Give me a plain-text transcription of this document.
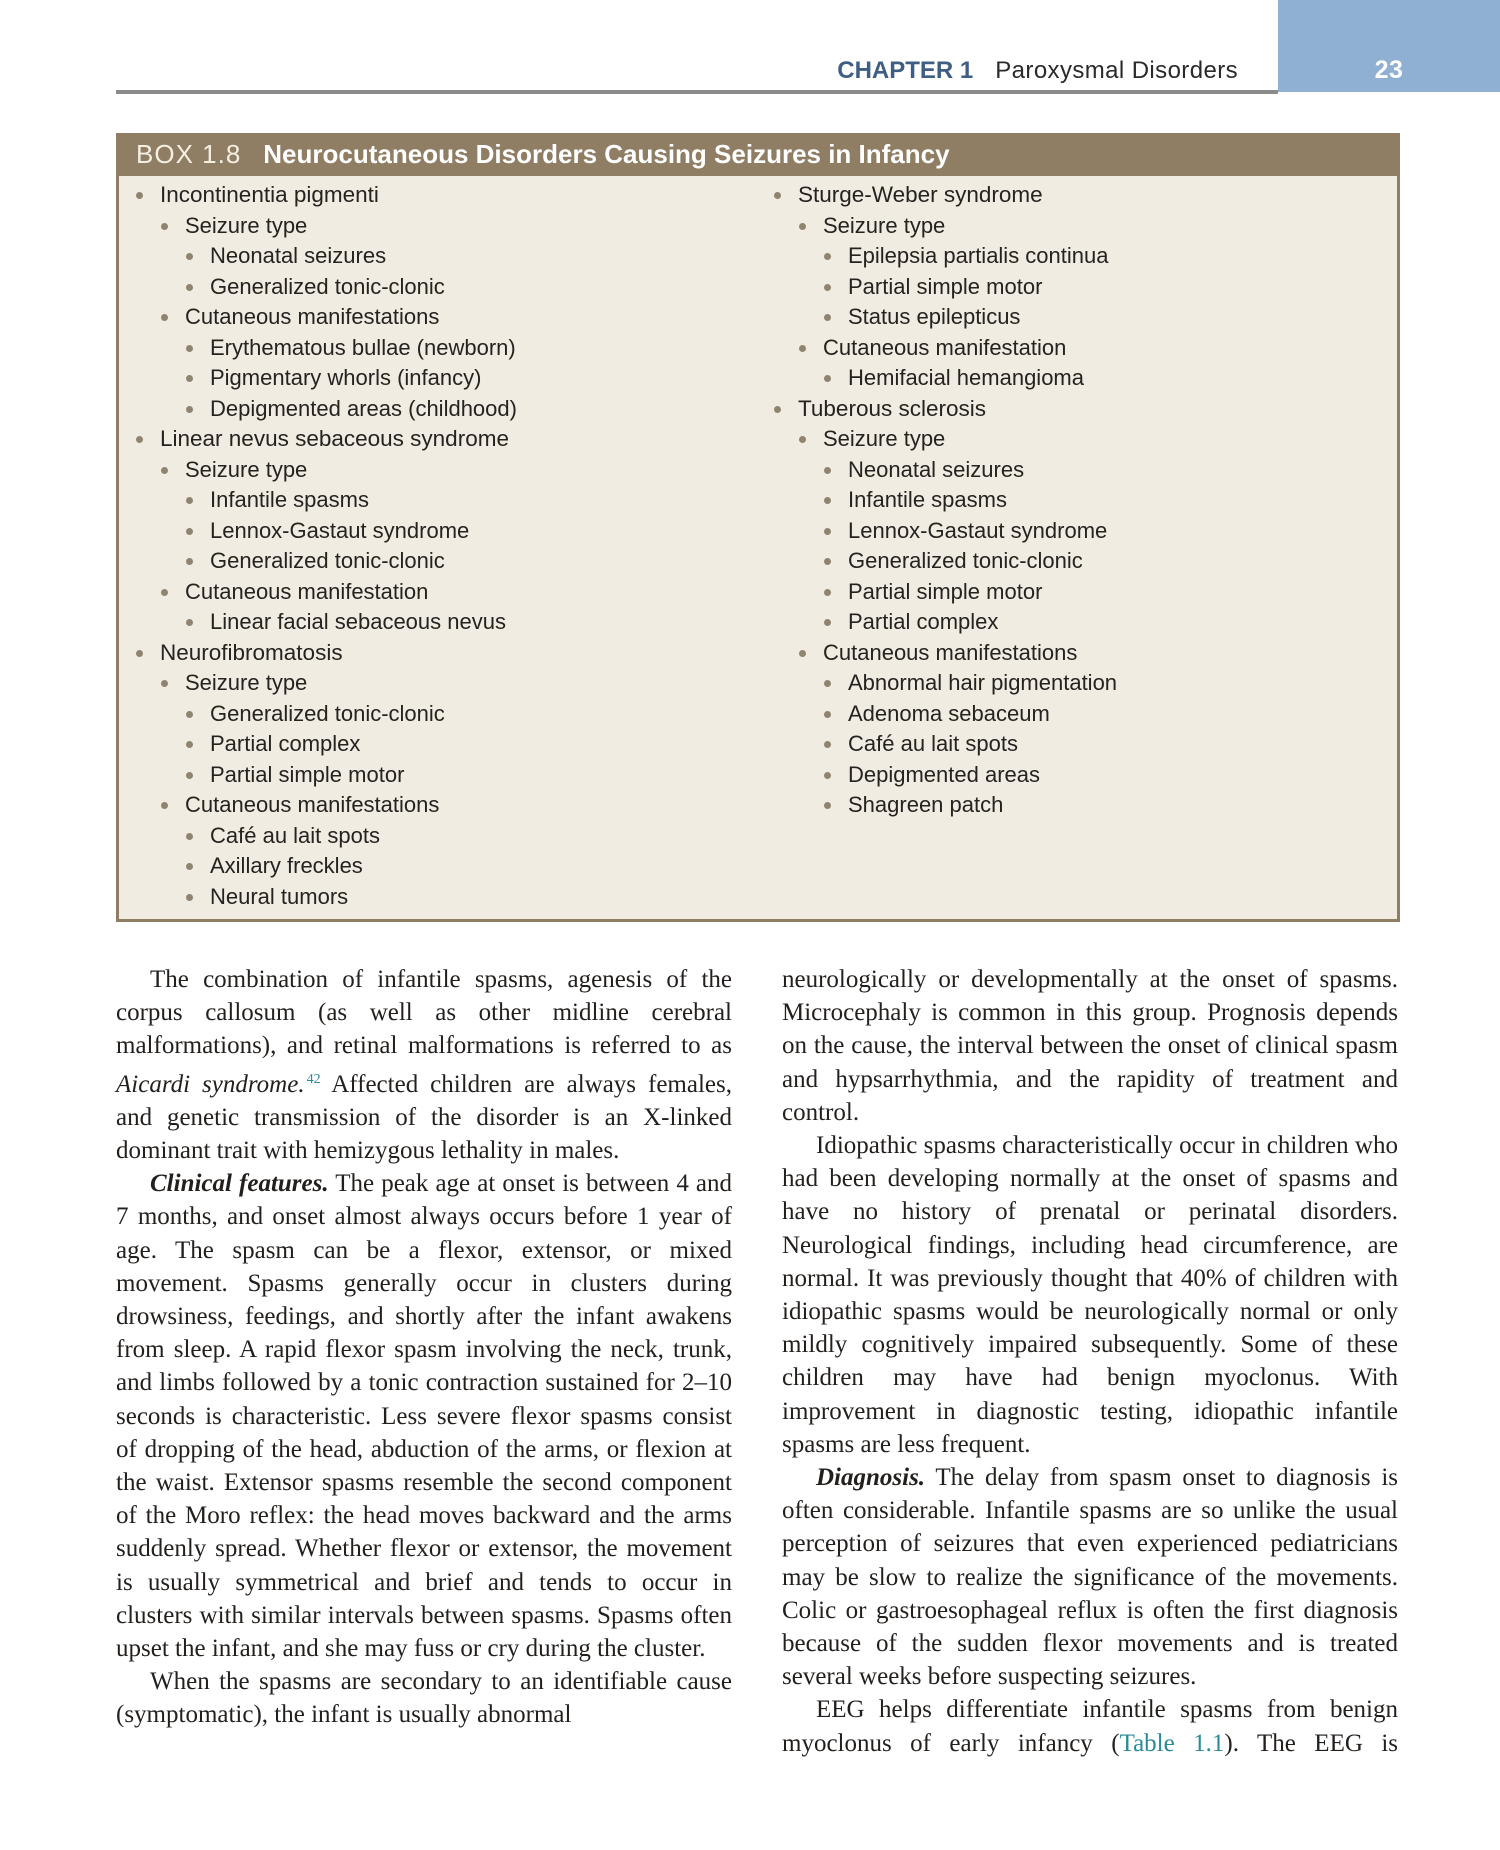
23
CHAPTER 1 Paroxysmal Disorders
BOX 1.8 Neurocutaneous Disorders Causing Seizures in Infancy
Incontinentia pigmenti
Seizure type
Neonatal seizures
Generalized tonic-clonic
Cutaneous manifestations
Erythematous bullae (newborn)
Pigmentary whorls (infancy)
Depigmented areas (childhood)
Linear nevus sebaceous syndrome
Seizure type
Infantile spasms
Lennox-Gastaut syndrome
Generalized tonic-clonic
Cutaneous manifestation
Linear facial sebaceous nevus
Neurofibromatosis
Seizure type
Generalized tonic-clonic
Partial complex
Partial simple motor
Cutaneous manifestations
Café au lait spots
Axillary freckles
Neural tumors
Sturge-Weber syndrome
Seizure type
Epilepsia partialis continua
Partial simple motor
Status epilepticus
Cutaneous manifestation
Hemifacial hemangioma
Tuberous sclerosis
Seizure type
Neonatal seizures
Infantile spasms
Lennox-Gastaut syndrome
Generalized tonic-clonic
Partial simple motor
Partial complex
Cutaneous manifestations
Abnormal hair pigmentation
Adenoma sebaceum
Café au lait spots
Depigmented areas
Shagreen patch

The combination of infantile spasms, agenesis of the corpus callosum (as well as other midline cerebral malformations), and retinal malformations is referred to as Aicardi syndrome. $^{42}$ Affected children are always females, and genetic transmission of the disorder is an X-linked dominant trait with hemizygous lethality in males.

Clinical features. The peak age at onset is between 4 and 7 months, and onset almost always occurs before 1 year of age. The spasm can be a flexor, extensor, or mixed movement. Spasms generally occur in clusters during drowsiness, feedings, and shortly after the infant awakens from sleep. A rapid flexor spasm involving the neck, trunk, and limbs followed by a tonic contraction sustained for 2–10 seconds is characteristic. Less severe flexor spasms consist of dropping of the head, abduction of the arms, or flexion at the waist. Extensor spasms resemble the second component of the Moro reflex: the head moves backward and the arms suddenly spread. Whether flexor or extensor, the movement is usually symmetrical and brief and tends to occur in clusters with similar intervals between spasms. Spasms often upset the infant, and she may fuss or cry during the cluster.

When the spasms are secondary to an identifiable cause (symptomatic), the infant is usually abnormal

neurologically or developmentally at the onset of spasms. Microcephaly is common in this group. Prognosis depends on the cause, the interval between the onset of clinical spasm and hypsarrhythmia, and the rapidity of treatment and control.

Idiopathic spasms characteristically occur in children who had been developing normally at the onset of spasms and have no history of prenatal or perinatal disorders. Neurological findings, including head circumference, are normal. It was previously thought that 40% of children with idiopathic spasms would be neurologically normal or only mildly cognitively impaired subsequently. Some of these children may have had benign myoclonus. With improvement in diagnostic testing, idiopathic infantile spasms are less frequent.

Diagnosis. The delay from spasm onset to diagnosis is often considerable. Infantile spasms are so unlike the usual perception of seizures that even experienced pediatricians may be slow to realize the significance of the movements. Colic or gastroesophageal reflux is often the first diagnosis because of the sudden flexor movements and is treated several weeks before suspecting seizures.

EEG helps differentiate infantile spasms from benign myoclonus of early infancy (Table 1.1). The EEG is
